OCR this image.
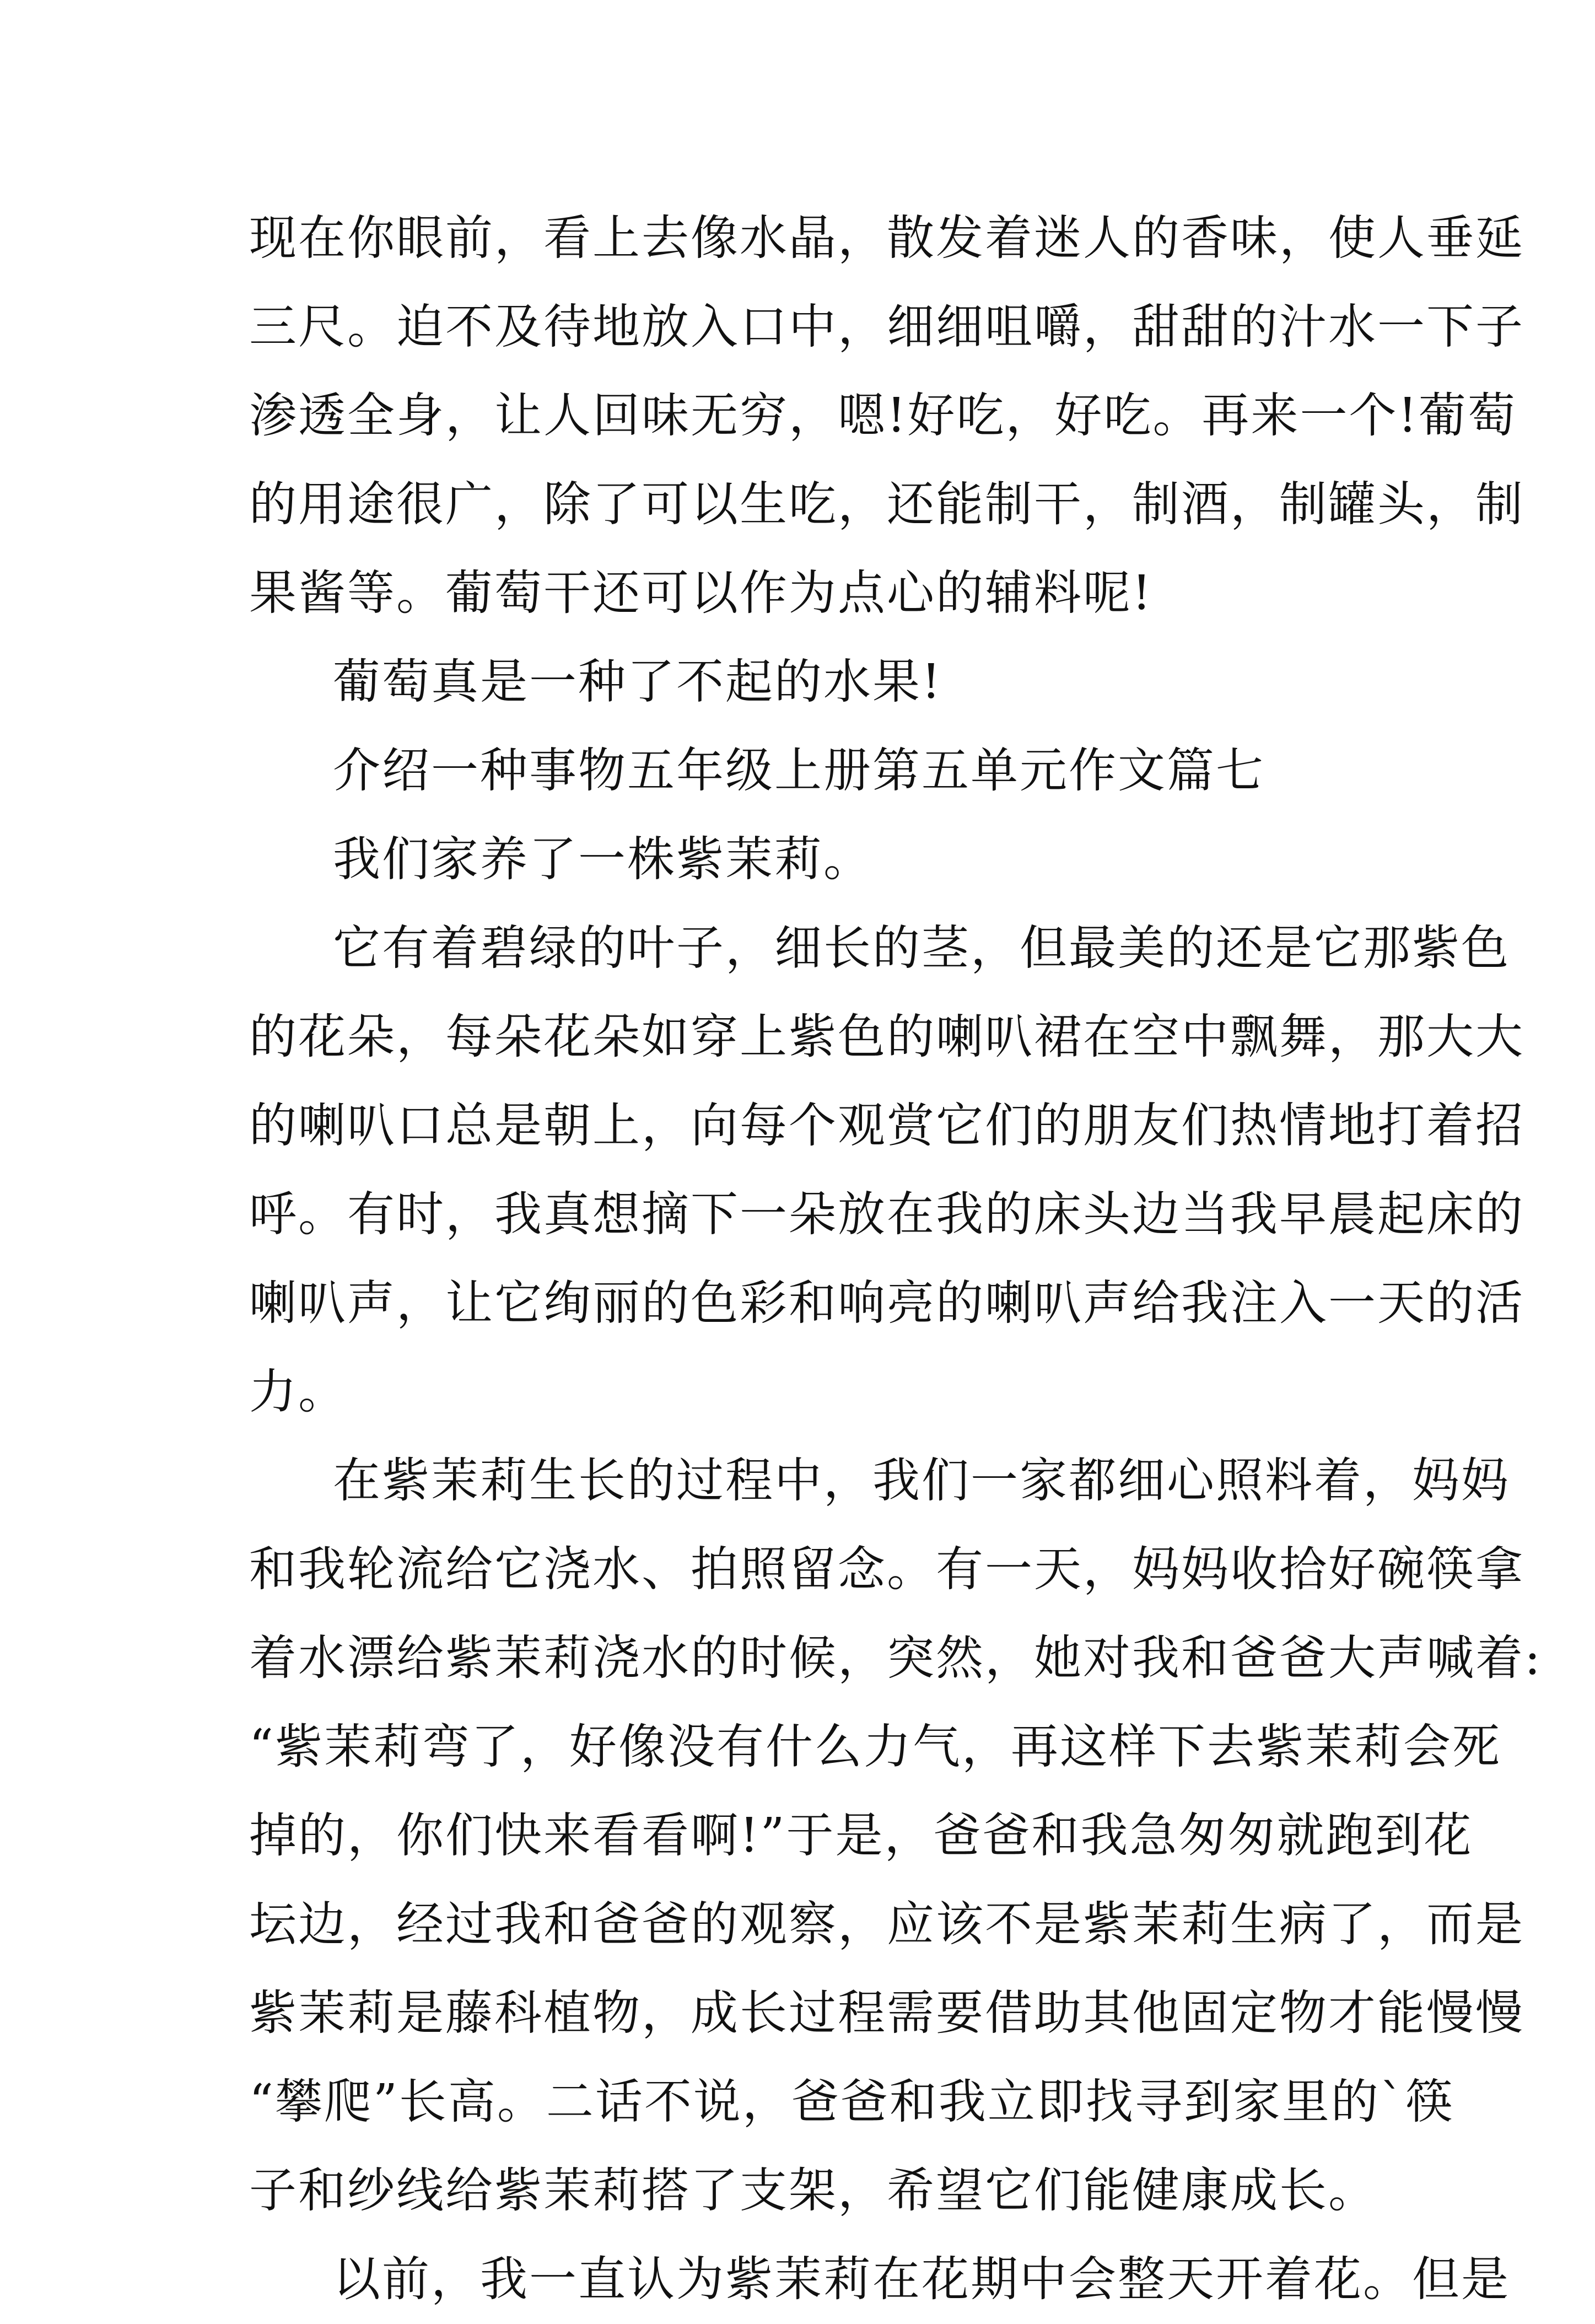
现在你眼前，看上去像水晶，散发着迷人的香味，使人垂延
三尺。迫不及待地放入口中，细细咀嚼，甜甜的汁水一下子
渗透全身，让人回味无穷，嗯!好吃，好吃。再来一个!葡萄
的用途很广，除了可以生吃，还能制干，制酒，制罐头，制
果酱等。葡萄干还可以作为点心的辅料呢!
葡萄真是一种了不起的水果!
介绍一种事物五年级上册第五单元作文篇七
我们家养了一株紫茉莉。
它有着碧绿的叶子，细长的茎，但最美的还是它那紫色
的花朵，每朵花朵如穿上紫色的喇叭裙在空中飘舞，那大大
的喇叭口总是朝上，向每个观赏它们的朋友们热情地打着招
呼。有时，我真想摘下一朵放在我的床头边当我早晨起床的
喇叭声，让它绚丽的色彩和响亮的喇叭声给我注入一天的活
力。
在紫茉莉生长的过程中，我们一家都细心照料着，妈妈
和我轮流给它浇水、拍照留念。有一天，妈妈收拾好碗筷拿
着水漂给紫茉莉浇水的时候，突然，她对我和爸爸大声喊着:
“紫茉莉弯了，好像没有什么力气，再这样下去紫茉莉会死
掉的，你们快来看看啊!”于是，爸爸和我急匆匆就跑到花
坛边，经过我和爸爸的观察，应该不是紫茉莉生病了，而是
紫茉莉是藤科植物，成长过程需要借助其他固定物才能慢慢
“攀爬”长高。二话不说，爸爸和我立即找寻到家里的`筷
子和纱线给紫茉莉搭了支架，希望它们能健康成长。
以前，我一直认为紫茉莉在花期中会整天开着花。但是
